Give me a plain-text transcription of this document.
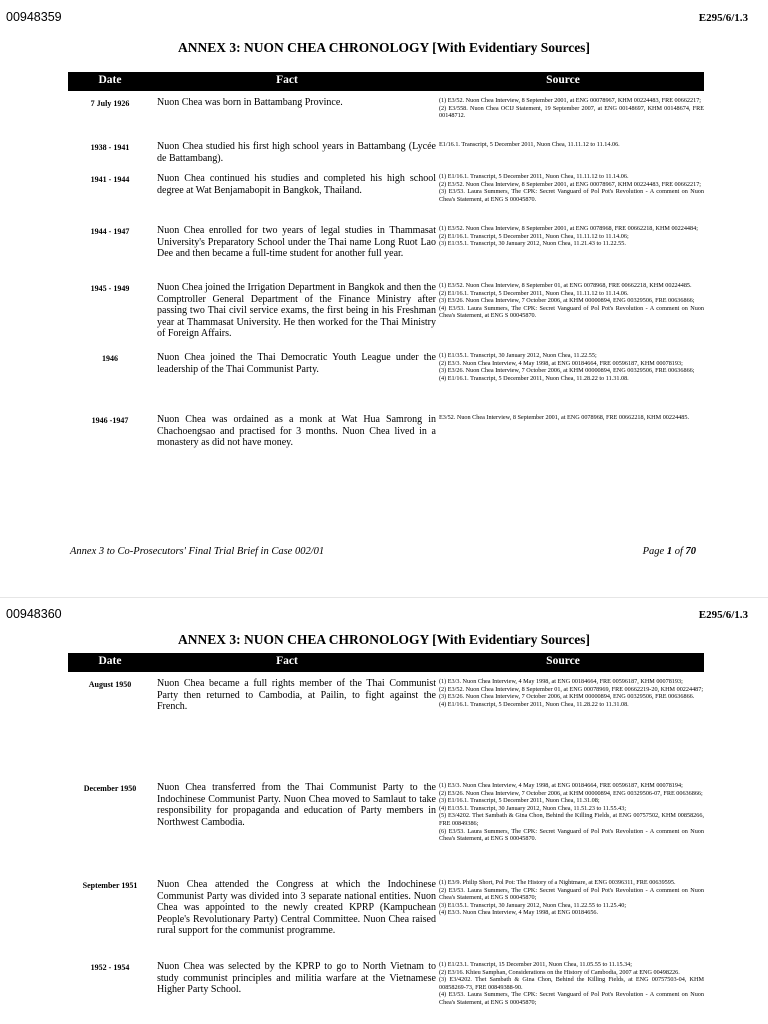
00948359	E295/6/1.3
ANNEX 3: NUON CHEA CHRONOLOGY [With Evidentiary Sources]
Date	Fact	Source
7 July 1926	Nuon Chea was born in Battambang Province.	(1) E3/52. Nuon Chea Interview, 8 September 2001, at ENG 00078967, KHM 00224483, FRE 00662217;
(2) E3/558. Nuon Chea OCIJ Statement, 19 September 2007, at ENG 00148697, KHM 00148674, FRE 00148712.
1938 - 1941	Nuon Chea studied his first high school years in Battambang (Lycée de Battambang).
E1/16.1. Transcript, 5 December 2011, Nuon Chea, 11.11.12 to 11.14.06.
1941 - 1944	Nuon Chea continued his studies and completed his high school degree at Wat Benjamabopit in Bangkok, Thailand.
(1) E1/16.1. Transcript, 5 December 2011, Nuon Chea, 11.11.12 to 11.14.06.
(2) E3/52. Nuon Chea Interview, 8 September 2001, at ENG 00078967, KHM 00224483, FRE 00662217;
(3) E3/53. Laura Summers, The CPK: Secret Vanguard of Pol Pot's Revolution - A comment on Nuon Chea's Statement, at ENG S 00045870.
1944 - 1947	Nuon Chea enrolled for two years of legal studies in Thammasat University's Preparatory School under the Thai name Long Ruot Lao Dee and then became a full-time student for another full year.
(1) E3/52. Nuon Chea Interview, 8 September 2001, at ENG 0078968, FRE 00662218, KHM 00224484;
(2) E1/16.1. Transcript, 5 December 2011, Nuon Chea, 11.11.12 to 11.14.06;
(3) E1/35.1. Transcript, 30 January 2012, Nuon Chea, 11.21.43 to 11.22.55.
1945 - 1949	Nuon Chea joined the Irrigation Department in Bangkok and then the Comptroller General Department of the Finance Ministry after passing two Thai civil service exams, the first being in his Freshman year at Thammasat University. He then worked for the Thai Ministry of Foreign Affairs.
(1) E3/52. Nuon Chea Interview, 8 September 01, at ENG 0078968, FRE 00662218, KHM 00224485.
(2) E1/16.1. Transcript, 5 December 2011, Nuon Chea, 11.11.12 to 11.14.06.
(3) E3/26. Nuon Chea Interview, 7 October 2006, at KHM 00000894, ENG 00329506, FRE 00636866;
(4) E3/53. Laura Summers, The CPK: Secret Vanguard of Pol Pot's Revolution - A comment on Nuon Chea's Statement, at ENG S 00045870.
1946	Nuon Chea joined the Thai Democratic Youth League under the leadership of the Thai Communist Party.
(1) E1/35.1. Transcript, 30 January 2012, Nuon Chea, 11.22.55;
(2) E3/3. Nuon Chea Interview, 4 May 1998, at ENG 00184664, FRE 00596187, KHM 00078193;
(3) E3/26. Nuon Chea Interview, 7 October 2006, at KHM 00000894, ENG 00329506, FRE 00636866;
(4) E1/16.1. Transcript, 5 December 2011, Nuon Chea, 11.28.22 to 11.31.08.
1946 -1947	Nuon Chea was ordained as a monk at Wat Hua Samrong in Chachoengsao and practised for 3 months. Nuon Chea lived in a monastery as did not have money.
E3/52. Nuon Chea Interview, 8 September 2001, at ENG 0078968, FRE 00662218, KHM 00224485.
Annex 3 to Co-Prosecutors' Final Trial Brief in Case 002/01	Page 1 of 70
00948360	E295/6/1.3
ANNEX 3: NUON CHEA CHRONOLOGY [With Evidentiary Sources]
Date	Fact	Source
August 1950	Nuon Chea became a full rights member of the Thai Communist Party then returned to Cambodia, at Pailin, to fight against the French.
(1) E3/3. Nuon Chea Interview, 4 May 1998, at ENG 00184664, FRE 00596187, KHM 00078193;
(2) E3/52. Nuon Chea Interview, 8 September 01, at ENG 00078969, FRE 00662219-20, KHM 00224487;
(3) E3/26. Nuon Chea Interview, 7 October 2006, at KHM 00000894, ENG 00329506, FRE 00636866.
(4) E1/16.1. Transcript, 5 December 2011, Nuon Chea, 11.28.22 to 11.31.08.
December 1950	Nuon Chea transferred from the Thai Communist Party to the Indochinese Communist Party. Nuon Chea moved to Samlaut to take responsibility for propaganda and education of Party members in Northwest Cambodia.
(1) E3/3. Nuon Chea Interview, 4 May 1998, at ENG 00184664, FRE 00596187, KHM 00078194;
(2) E3/26. Nuon Chea Interview, 7 October 2006, at KHM 00000894, ENG 00329506-07, FRE 00636866;
(3) E1/16.1. Transcript, 5 December 2011, Nuon Chea, 11.31.08;
(4) E1/35.1. Transcript, 30 January 2012, Nuon Chea, 11.51.23 to 11.55.43;
(5) E3/4202. Thet Sambath & Gina Chon, Behind the Killing Fields, at ENG 00757502, KHM 00858266, FRE 00849386;
(6) E3/53. Laura Summers, The CPK: Secret Vanguard of Pol Pot's Revolution - A comment on Nuon Chea's Statement, at ENG S 00045870.
September 1951	Nuon Chea attended the Congress at which the Indochinese Communist Party was divided into 3 separate national entities. Nuon Chea was appointed to the newly created KPRP (Kampuchean People's Revolutionary Party) Central Committee. Nuon Chea raised rural support for the communist programme.
(1) E3/9. Philip Short, Pol Pot: The History of a Nightmare, at ENG 00396311, FRE 00639595.
(2) E3/53. Laura Summers, The CPK: Secret Vanguard of Pol Pot's Revolution - A comment on Nuon Chea's Statement, at ENG S 00045870;
(3) E1/35.1. Transcript, 30 January 2012, Nuon Chea, 11.22.55 to 11.25.40;
(4) E3/3. Nuon Chea Interview, 4 May 1998, at ENG 00184656.
1952 - 1954	Nuon Chea was selected by the KPRP to go to North Vietnam to study communist principles and militia warfare at the Vietnamese Higher Party School.
(1) E1/23.1. Transcript, 15 December 2011, Nuon Chea, 11.05.55 to 11.15.34;
(2) E3/16. Khieu Samphan, Considerations on the History of Cambodia, 2007 at ENG 00498226.
(3) E3/4202. Thet Sambath & Gina Chon, Behind the Killing Fields, at ENG 00757503-04, KHM 00858269-73, FRE 00849388-90.
(4) E3/53. Laura Summers, The CPK: Secret Vanguard of Pol Pot's Revolution - A comment on Nuon Chea's Statement, at ENG S 00045870;
